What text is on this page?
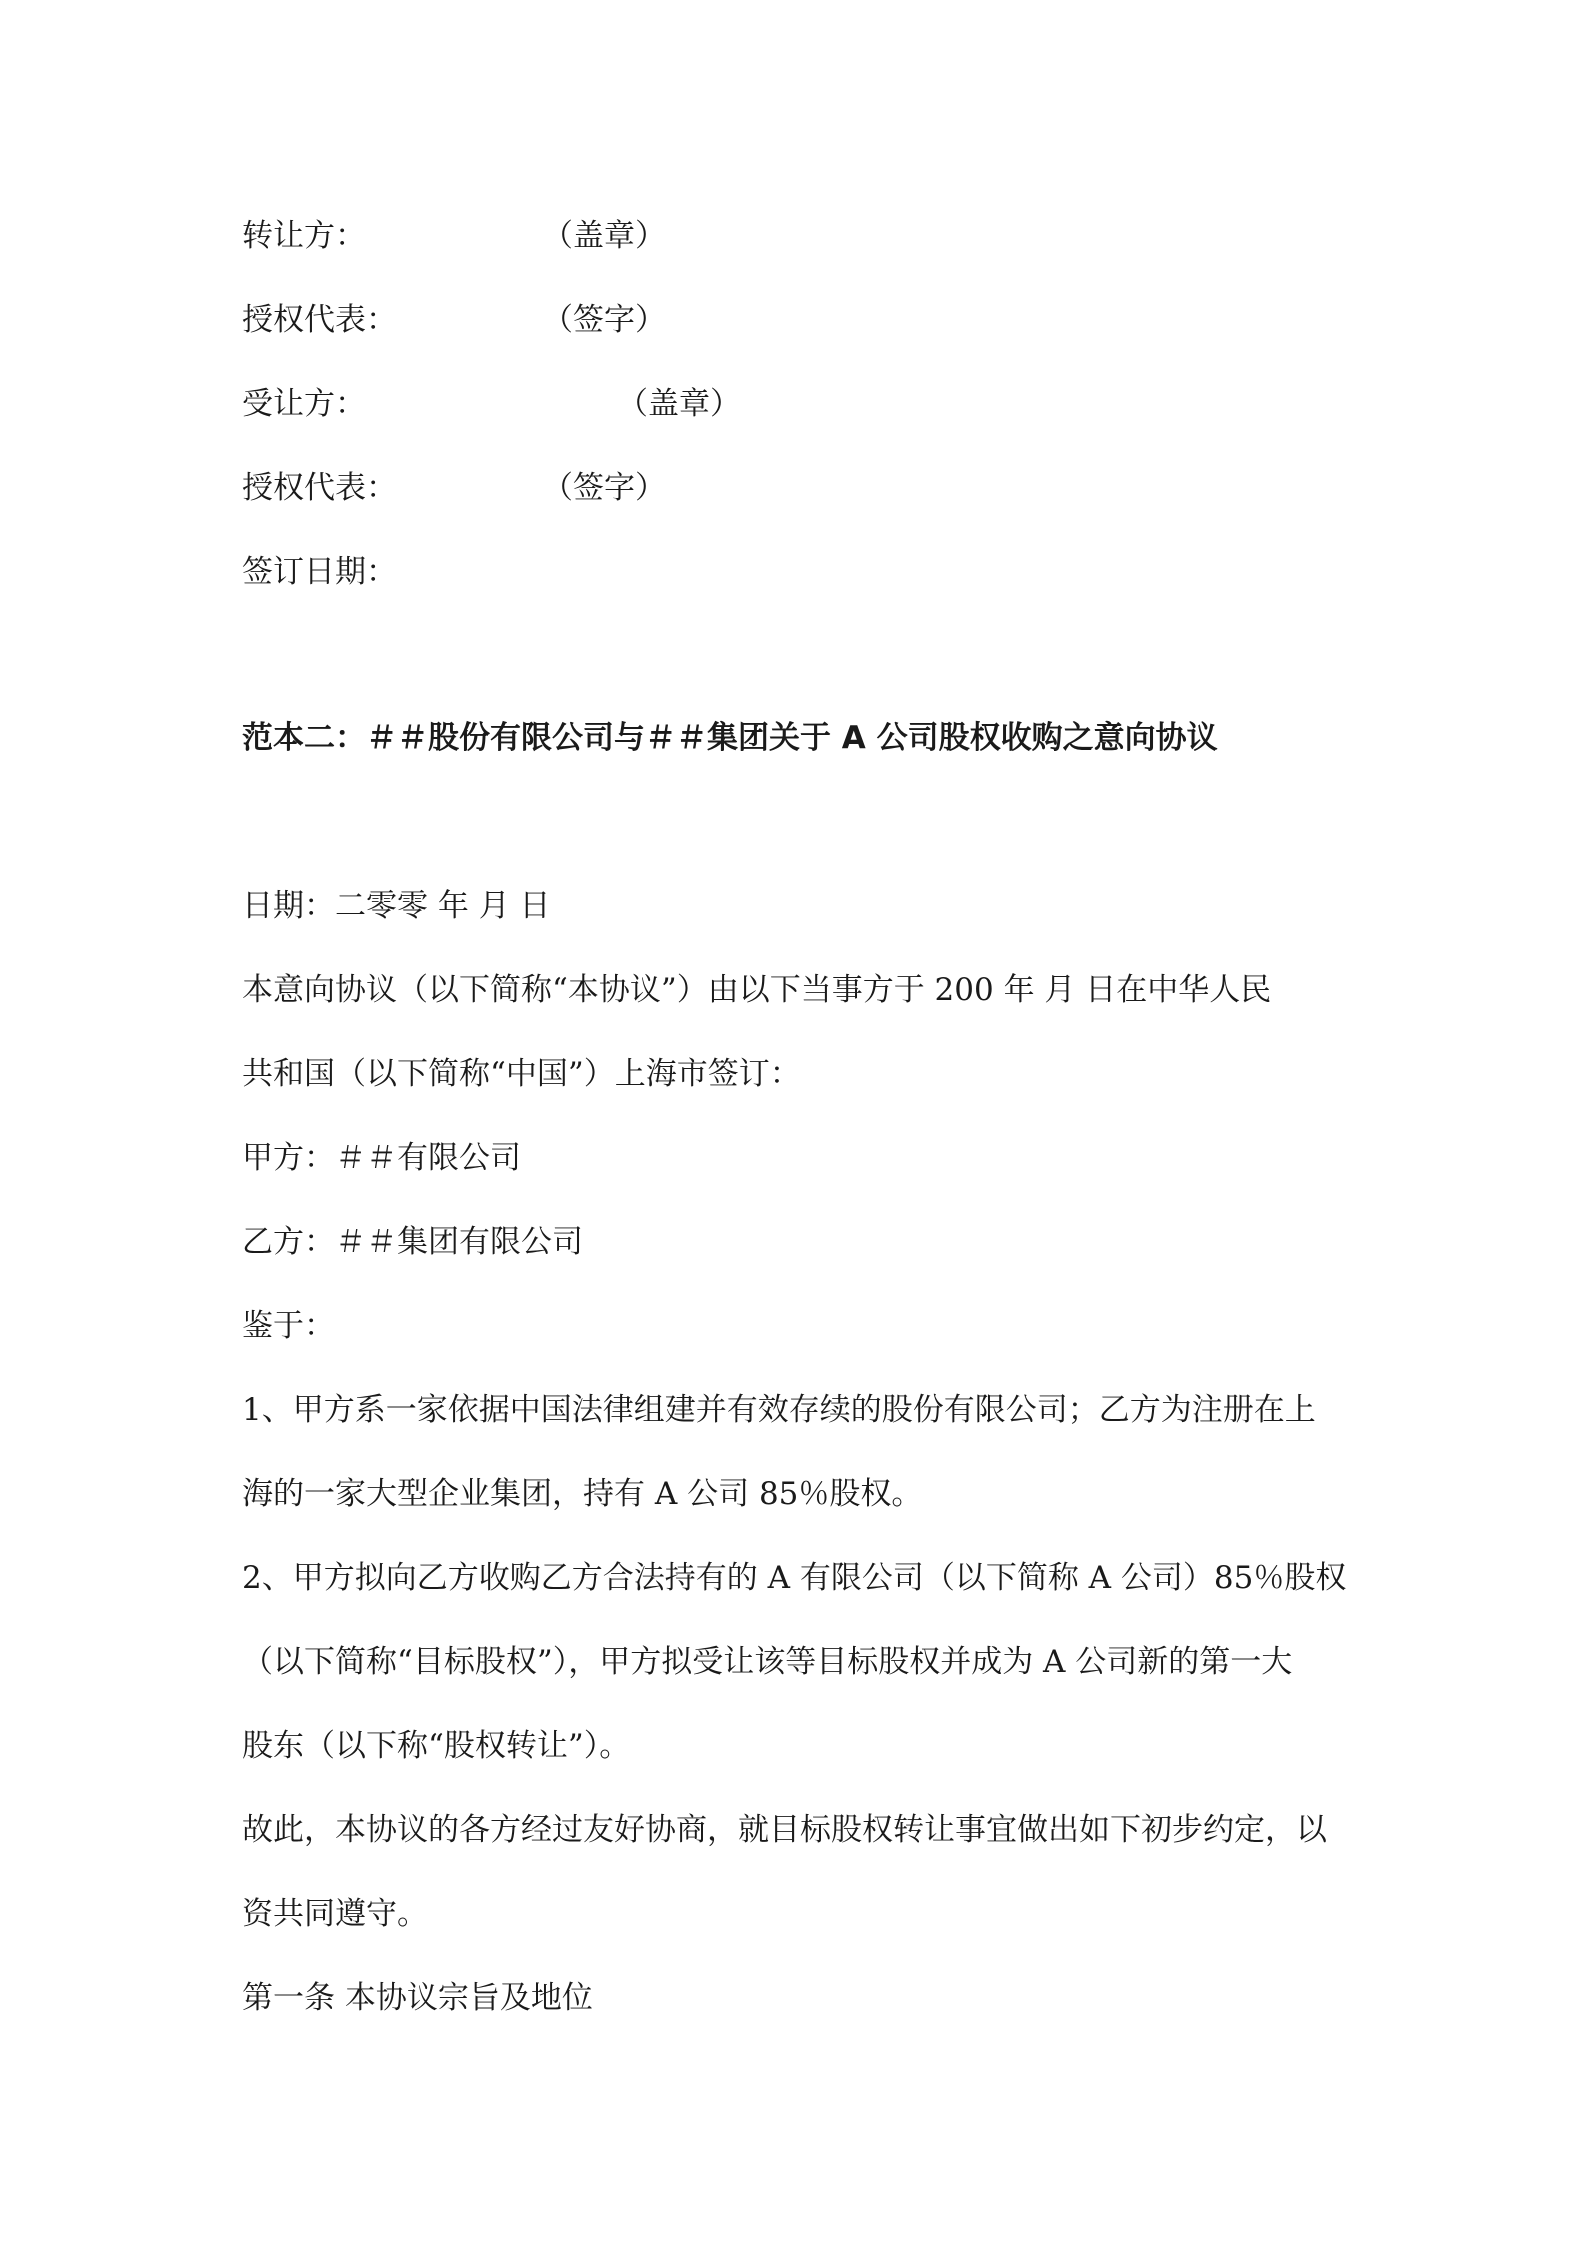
转让方：	（盖章）
授权代表：	（签字）
受让方：	（盖章）
授权代表：	（签字）
签订日期：
范本二：＃＃股份有限公司与＃＃集团关于 A 公司股权收购之意向协议
日期：二零零 年 月 日
本意向协议（以下简称“本协议”）由以下当事方于 200 年 月 日在中华人民
共和国（以下简称“中国”）上海市签订：
甲方：＃＃有限公司
乙方：＃＃集团有限公司
鉴于：
1、甲方系一家依据中国法律组建并有效存续的股份有限公司；乙方为注册在上
海的一家大型企业集团，持有 A 公司 85％股权。
2、甲方拟向乙方收购乙方合法持有的 A 有限公司（以下简称 A 公司）85％股权
（以下简称“目标股权”），甲方拟受让该等目标股权并成为 A 公司新的第一大
股东（以下称“股权转让”）。
故此，本协议的各方经过友好协商，就目标股权转让事宜做出如下初步约定，以
资共同遵守。
第一条 本协议宗旨及地位
